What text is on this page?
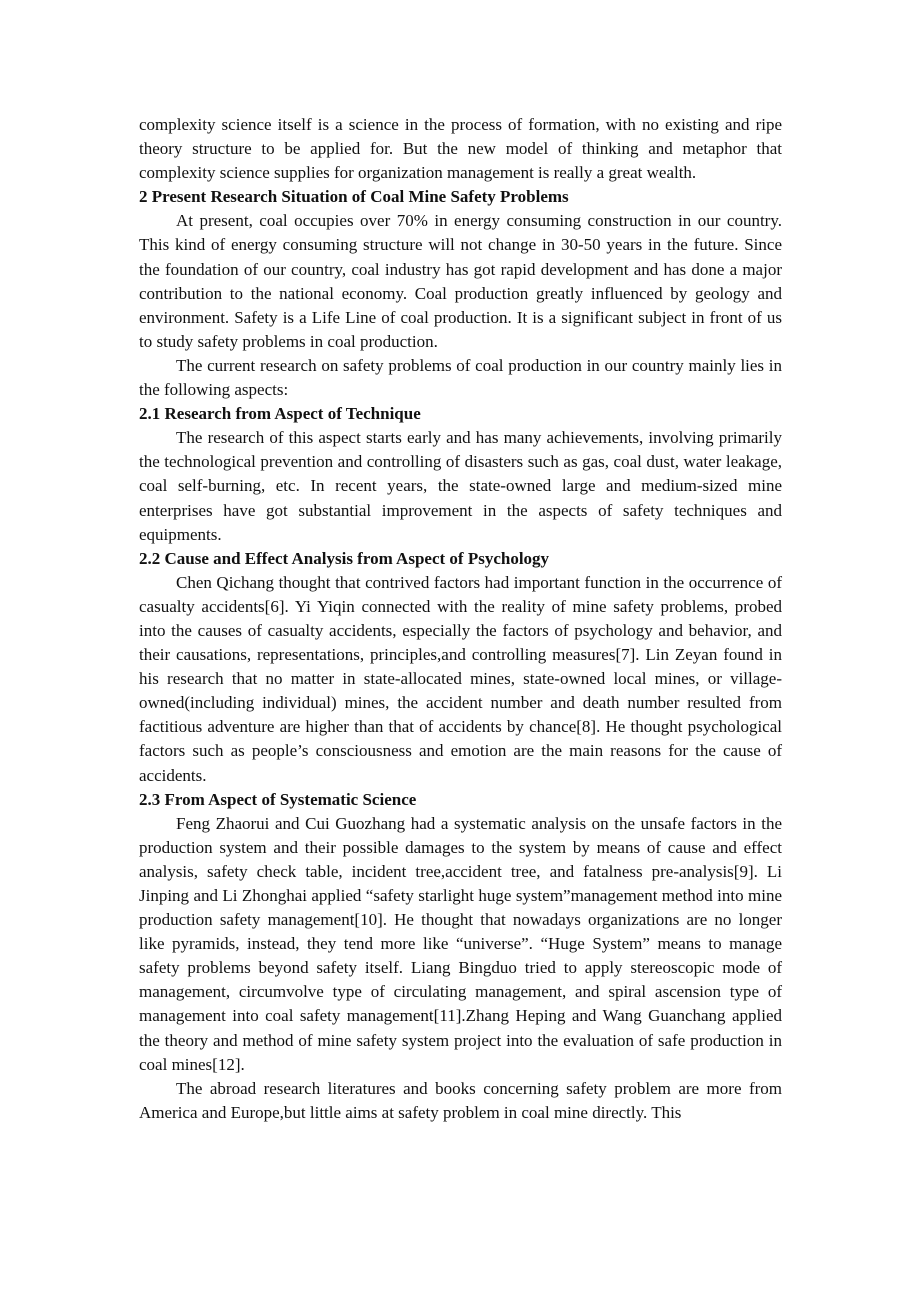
complexity science itself is a science in the process of formation, with no existing and ripe theory structure to be applied for. But the new model of thinking and metaphor that complexity science supplies for organization management is really a great wealth.

2 Present Research Situation of Coal Mine Safety Problems

At present, coal occupies over 70% in energy consuming construction in our country. This kind of energy consuming structure will not change in 30-50 years in the future. Since the foundation of our country, coal industry has got rapid development and has done a major contribution to the national economy. Coal production greatly influenced by geology and environment. Safety is a Life Line of coal production. It is a significant subject in front of us to study safety problems in coal production.

The current research on safety problems of coal production in our country mainly lies in the following aspects:

2.1 Research from Aspect of Technique

The research of this aspect starts early and has many achievements, involving primarily the technological prevention and controlling of disasters such as gas, coal dust, water leakage, coal self-burning, etc. In recent years, the state-owned large and medium-sized mine enterprises have got substantial improvement in the aspects of safety techniques and equipments.

2.2 Cause and Effect Analysis from Aspect of Psychology

Chen Qichang thought that contrived factors had important function in the occurrence of casualty accidents[6]. Yi Yiqin connected with the reality of mine safety problems, probed into the causes of casualty accidents, especially the factors of psychology and behavior, and their causations, representations, principles,and controlling measures[7]. Lin Zeyan found in his research that no matter in state-allocated mines, state-owned local mines, or village-owned(including individual) mines, the accident number and death number resulted from factitious adventure are higher than that of accidents by chance[8]. He thought psychological factors such as people’s consciousness and emotion are the main reasons for the cause of accidents.

2.3 From Aspect of Systematic Science

Feng Zhaorui and Cui Guozhang had a systematic analysis on the unsafe factors in the production system and their possible damages to the system by means of cause and effect analysis, safety check table, incident tree,accident tree, and fatalness pre-analysis[9]. Li Jinping and Li Zhonghai applied “safety starlight huge system”management method into mine production safety management[10]. He thought that nowadays organizations are no longer like pyramids, instead, they tend more like “universe”. “Huge System” means to manage safety problems beyond safety itself. Liang Bingduo tried to apply stereoscopic mode of management, circumvolve type of circulating management, and spiral ascension type of management into coal safety management[11].Zhang Heping and Wang Guanchang applied the theory and method of mine safety system project into the evaluation of safe production in coal mines[12].

The abroad research literatures and books concerning safety problem are more from America and Europe,but little aims at safety problem in coal mine directly. This
